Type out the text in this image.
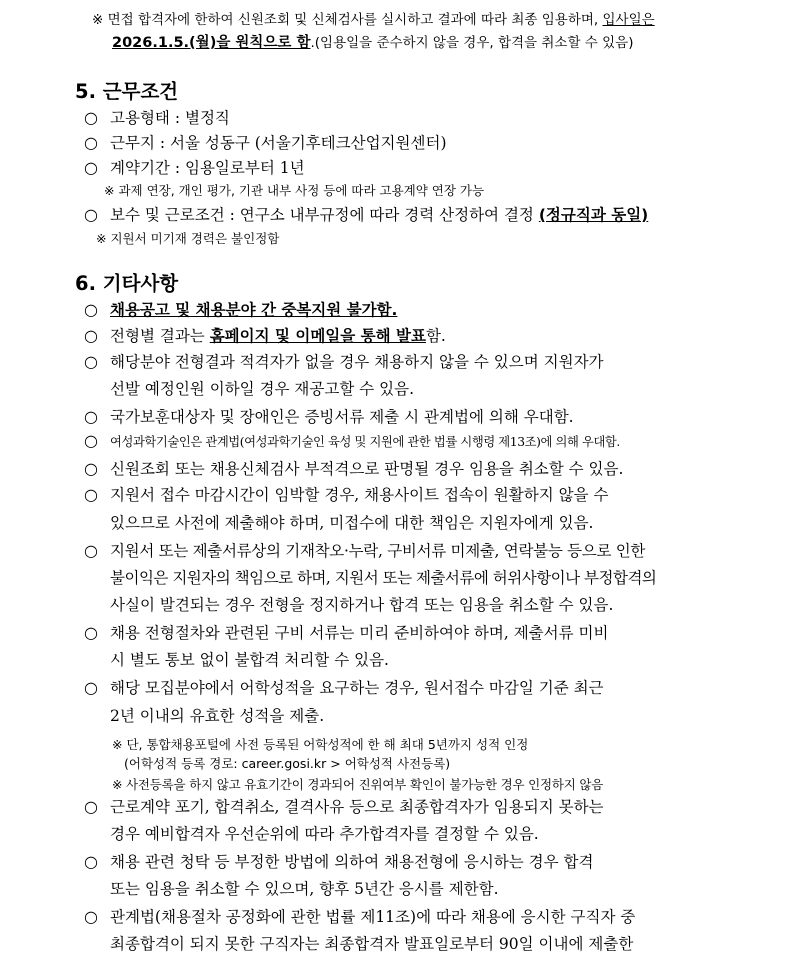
※ 면접 합격자에 한하여 신원조회 및 신체검사를 실시하고 결과에 따라 최종 임용하며, 입사일은
2026.1.5.(월)을 원칙으로 함.(임용일을 준수하지 않을 경우, 합격을 취소할 수 있음)
5. 근무조건
○ 고용형태 : 별정직
○ 근무지 : 서울 성동구 (서울기후테크산업지원센터)
○ 계약기간 : 임용일로부터 1년
※ 과제 연장, 개인 평가, 기관 내부 사정 등에 따라 고용계약 연장 가능
○ 보수 및 근로조건 : 연구소 내부규정에 따라 경력 산정하여 결정 (정규직과 동일)
※ 지원서 미기재 경력은 불인정함
6. 기타사항
○ 채용공고 및 채용분야 간 중복지원 불가함.
○ 전형별 결과는 홈페이지 및 이메일을 통해 발표함.
○ 해당분야 전형결과 적격자가 없을 경우 채용하지 않을 수 있으며 지원자가
선발 예정인원 이하일 경우 재공고할 수 있음.
○ 국가보훈대상자 및 장애인은 증빙서류 제출 시 관계법에 의해 우대함.
○ 여성과학기술인은 관계법(여성과학기술인 육성 및 지원에 관한 법률 시행령 제13조)에 의해 우대함.
○ 신원조회 또는 채용신체검사 부적격으로 판명될 경우 임용을 취소할 수 있음.
○ 지원서 접수 마감시간이 임박할 경우, 채용사이트 접속이 원활하지 않을 수
있으므로 사전에 제출해야 하며, 미접수에 대한 책임은 지원자에게 있음.
○ 지원서 또는 제출서류상의 기재착오·누락, 구비서류 미제출, 연락불능 등으로 인한
불이익은 지원자의 책임으로 하며, 지원서 또는 제출서류에 허위사항이나 부정합격의
사실이 발견되는 경우 전형을 정지하거나 합격 또는 임용을 취소할 수 있음.
○ 채용 전형절차와 관련된 구비 서류는 미리 준비하여야 하며, 제출서류 미비
시 별도 통보 없이 불합격 처리할 수 있음.
○ 해당 모집분야에서 어학성적을 요구하는 경우, 원서접수 마감일 기준 최근
2년 이내의 유효한 성적을 제출.
※ 단, 통합채용포털에 사전 등록된 어학성적에 한 해 최대 5년까지 성적 인정
(어학성적 등록 경로: career.gosi.kr > 어학성적 사전등록)
※ 사전등록을 하지 않고 유효기간이 경과되어 진위여부 확인이 불가능한 경우 인정하지 않음
○ 근로계약 포기, 합격취소, 결격사유 등으로 최종합격자가 임용되지 못하는
경우 예비합격자 우선순위에 따라 추가합격자를 결정할 수 있음.
○ 채용 관련 청탁 등 부정한 방법에 의하여 채용전형에 응시하는 경우 합격
또는 임용을 취소할 수 있으며, 향후 5년간 응시를 제한함.
○ 관계법(채용절차 공정화에 관한 법률 제11조)에 따라 채용에 응시한 구직자 중
최종합격이 되지 못한 구직자는 최종합격자 발표일로부터 90일 이내에 제출한
